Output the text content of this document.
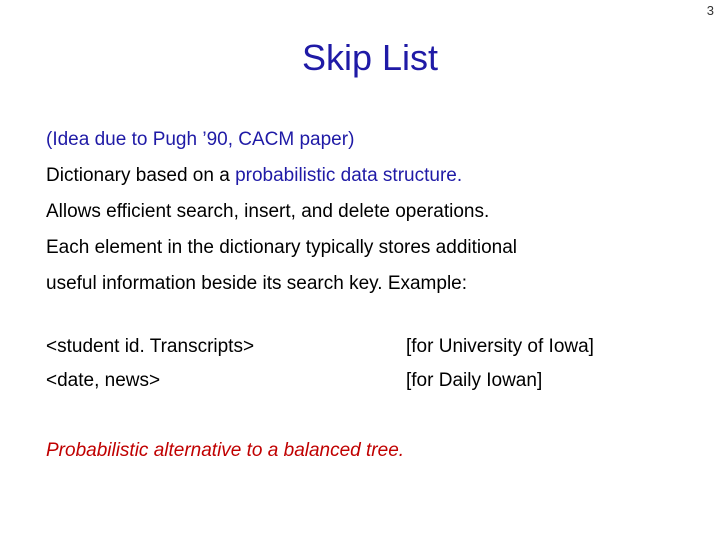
3
Skip List
(Idea due to Pugh ’90, CACM paper)
Dictionary based on a probabilistic data structure.
Allows efficient search, insert, and delete operations.
Each element in the dictionary typically stores additional
useful information beside its search key. Example:
<student id. Transcripts>	[for University of Iowa]
<date, news>	[for Daily Iowan]
Probabilistic alternative to a balanced tree.
